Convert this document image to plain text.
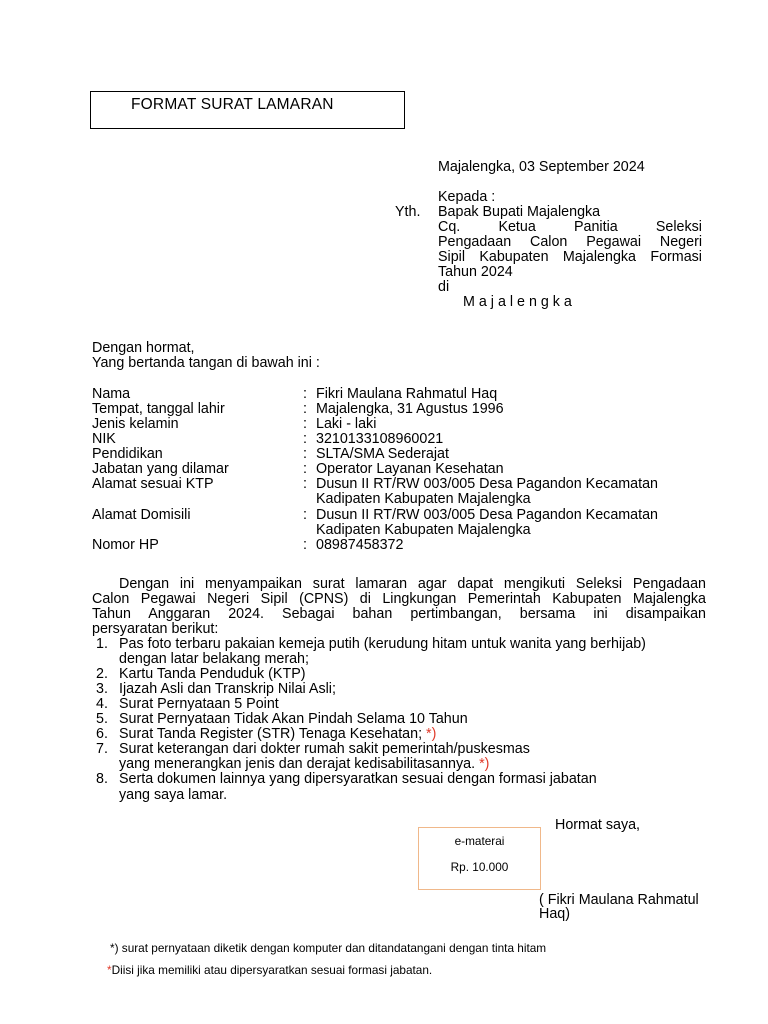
FORMAT SURAT LAMARAN
Majalengka, 03 September 2024
Kepada :
Yth. Bapak Bupati Majalengka
Cq. Ketua Panitia Seleksi
Pengadaan Calon Pegawai Negeri
Sipil Kabupaten Majalengka Formasi
Tahun 2024
di
M a j a l e n g k a
Dengan hormat,
Yang bertanda tangan di bawah ini :
Nama	: Fikri Maulana Rahmatul Haq
Tempat, tanggal lahir	: Majalengka, 31 Agustus 1996
Jenis kelamin	: Laki - laki
NIK	: 3210133108960021
Pendidikan	: SLTA/SMA Sederajat
Jabatan yang dilamar	: Operator Layanan Kesehatan
Alamat sesuai KTP	: Dusun II RT/RW 003/005 Desa Pagandon Kecamatan
Kadipaten Kabupaten Majalengka
Alamat Domisili	: Dusun II RT/RW 003/005 Desa Pagandon Kecamatan
Kadipaten Kabupaten Majalengka
Nomor HP	: 08987458372
Dengan ini menyampaikan surat lamaran agar dapat mengikuti Seleksi Pengadaan
Calon Pegawai Negeri Sipil (CPNS) di Lingkungan Pemerintah Kabupaten Majalengka
Tahun Anggaran 2024. Sebagai bahan pertimbangan, bersama ini disampaikan
persyaratan berikut:
1. Pas foto terbaru pakaian kemeja putih (kerudung hitam untuk wanita yang berhijab)
dengan latar belakang merah;
2. Kartu Tanda Penduduk (KTP)
3. Ijazah Asli dan Transkrip Nilai Asli;
4. Surat Pernyataan 5 Point
5. Surat Pernyataan Tidak Akan Pindah Selama 10 Tahun
6. Surat Tanda Register (STR) Tenaga Kesehatan; *)
7. Surat keterangan dari dokter rumah sakit pemerintah/puskesmas
yang menerangkan jenis dan derajat kedisabilitasannya. *)
8. Serta dokumen lainnya yang dipersyaratkan sesuai dengan formasi jabatan
yang saya lamar.
Hormat saya,
e-materai
Rp. 10.000
( Fikri Maulana Rahmatul
Haq)
*) surat pernyataan diketik dengan komputer dan ditandatangani dengan tinta hitam
*Diisi jika memiliki atau dipersyaratkan sesuai formasi jabatan.
